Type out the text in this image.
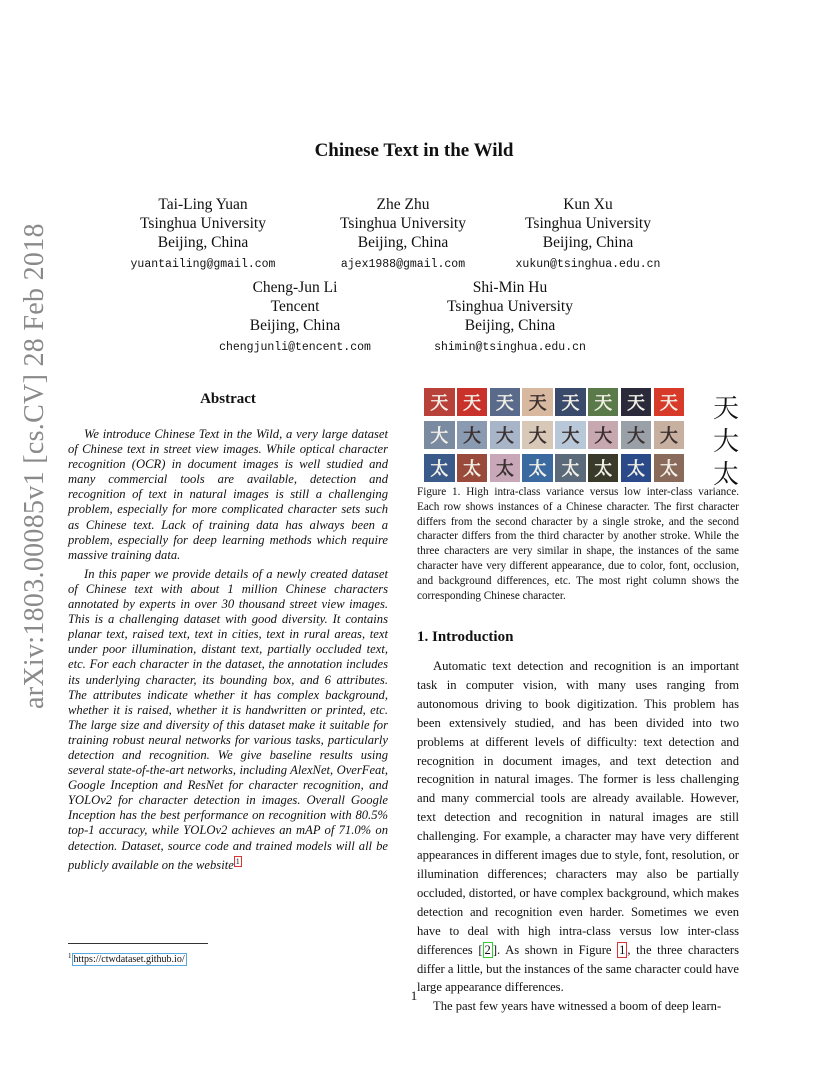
Chinese Text in the Wild
Tai-Ling Yuan
Tsinghua University
Beijing, China
yuantailing@gmail.com
Zhe Zhu
Tsinghua University
Beijing, China
ajex1988@gmail.com
Kun Xu
Tsinghua University
Beijing, China
xukun@tsinghua.edu.cn
Cheng-Jun Li
Tencent
Beijing, China
chengjunli@tencent.com
Shi-Min Hu
Tsinghua University
Beijing, China
shimin@tsinghua.edu.cn
arXiv:1803.00085v1 [cs.CV] 28 Feb 2018	Abstract

We introduce Chinese Text in the Wild, a very large dataset of Chinese text in street view images. While optical character recognition (OCR) in document images is well studied and many commercial tools are available, detection and recognition of text in natural images is still a challenging problem, especially for more complicated character sets such as Chinese text. Lack of training data has always been a problem, especially for deep learning methods which require massive training data.

In this paper we provide details of a newly created dataset of Chinese text with about 1 million Chinese characters annotated by experts in over 30 thousand street view images. This is a challenging dataset with good diversity. It contains planar text, raised text, text in cities, text in rural areas, text under poor illumination, distant text, partially occluded text, etc. For each character in the dataset, the annotation includes its underlying character, its bounding box, and 6 attributes. The attributes indicate whether it has complex background, whether it is raised, whether it is handwritten or printed, etc. The large size and diversity of this dataset make it suitable for training robust neural networks for various tasks, particularly detection and recognition. We give baseline results using several state-of-the-art networks, including AlexNet, OverFeat, Google Inception and ResNet for character recognition, and YOLOv2 for character detection in images. Overall Google Inception has the best performance on recognition with 80.5% top-1 accuracy, while YOLOv2 achieves an mAP of 71.0% on detection. Dataset, source code and trained models will all be publicly available on the website $^1$

$^1$ https://ctwdataset.github.io/
天 天 天 天 天 天 天 天
大 大 大 大 大 大 大 大
太 太 太 太 太 太 太 太
天
大
太
Figure 1. High intra-class variance versus low inter-class variance. Each row shows instances of a Chinese character. The first character differs from the second character by a single stroke, and the second character differs from the third character by another stroke. While the three characters are very similar in shape, the instances of the same character have very different appearance, due to color, font, occlusion, and background differences, etc. The most right column shows the corresponding Chinese character.
1. Introduction

Automatic text detection and recognition is an important task in computer vision, with many uses ranging from autonomous driving to book digitization. This problem has been extensively studied, and has been divided into two problems at different levels of difficulty: text detection and recognition in document images, and text detection and recognition in natural images. The former is less challenging and many commercial tools are already available. However, text detection and recognition in natural images are still challenging. For example, a character may have very different appearances in different images due to style, font, resolution, or illumination differences; characters may also be partially occluded, distorted, or have complex background, which makes detection and recognition even harder. Sometimes we even have to deal with high intra-class versus low inter-class differences [ 2 ]. As shown in Figure 1 , the three characters differ a little, but the instances of the same character could have large appearance differences.

The past few years have witnessed a boom of deep learn-

1
